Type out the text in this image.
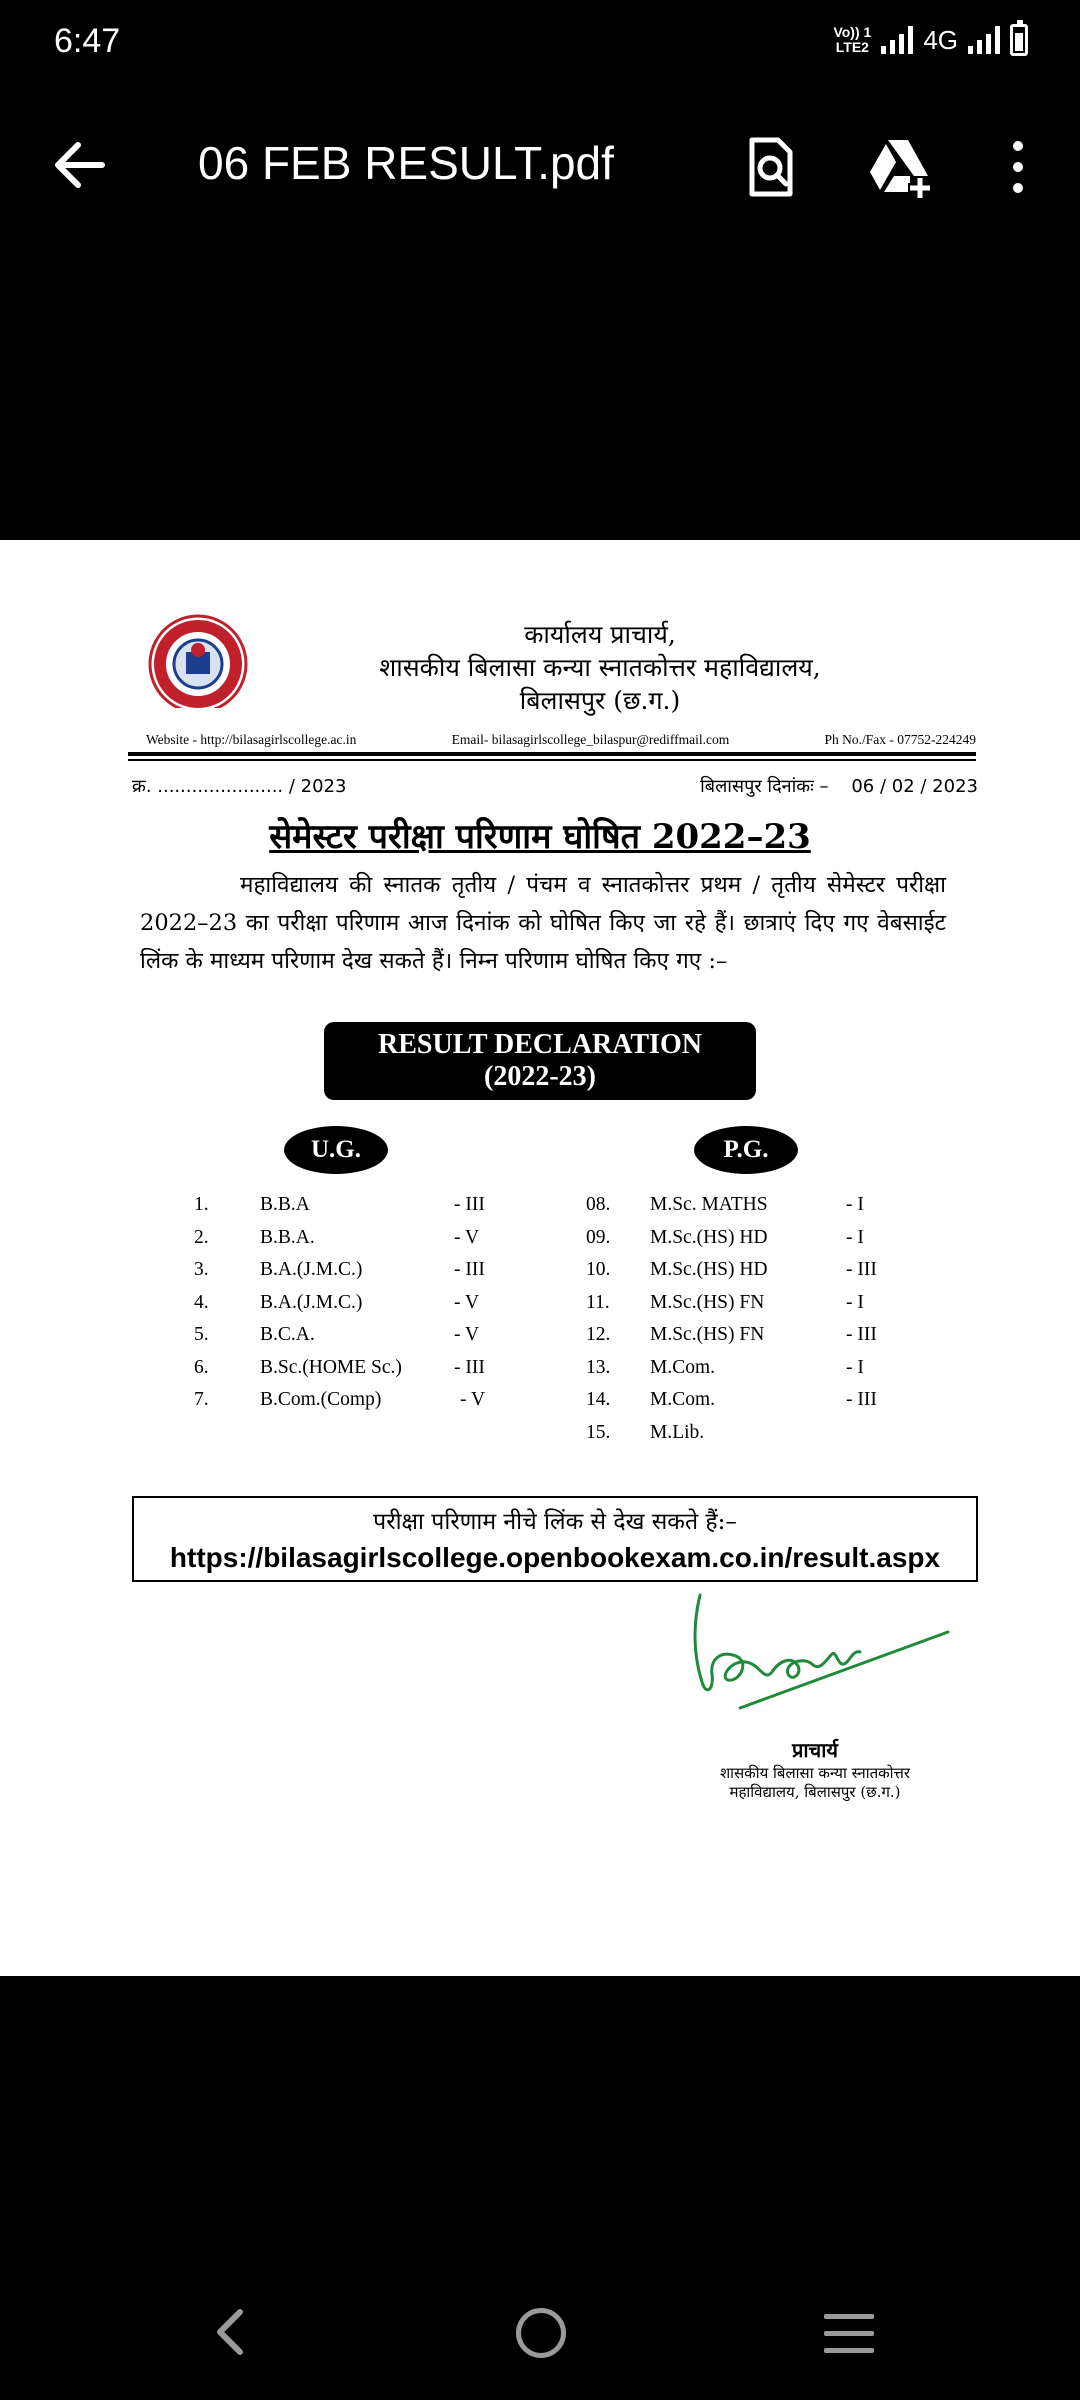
6:47	Vo)) 1
LTE2 4G
06 FEB RESULT.pdf
कार्यालय प्राचार्य,
शासकीय बिलासा कन्या स्नातकोत्तर महाविद्यालय,
बिलासपुर (छ.ग.)
Website - http://bilasagirlscollege.ac.in	Email- bilasagirlscollege_bilaspur@rediffmail.com	Ph No./Fax - 07752-224249
क्र. ...................... / 2023	बिलासपुर दिनांकः – 06 / 02 / 2023
सेमेस्टर परीक्षा परिणाम घोषित 2022–23
महाविद्यालय की स्नातक तृतीय / पंचम व स्नातकोत्तर प्रथम / तृतीय सेमेस्टर परीक्षा 2022–23 का परीक्षा परिणाम आज दिनांक को घोषित किए जा रहे हैं। छात्राएं दिए गए वेबसाईट लिंक के माध्यम परिणाम देख सकते हैं। निम्न परिणाम घोषित किए गए :–
RESULT DECLARATION
(2022-23)
U.G.	P.G.
1.	B.B.A	- III
2.	B.B.A.	- V
3.	B.A.(J.M.C.)	- III
4.	B.A.(J.M.C.)	- V
5.	B.C.A.	- V
6.	B.Sc.(HOME Sc.)	- III
7.	B.Com.(Comp)	- V
08. M.Sc. MATHS	- I
09. M.Sc.(HS) HD	- I
10. M.Sc.(HS) HD	- III
11. M.Sc.(HS) FN	- I
12. M.Sc.(HS) FN	- III
13. M.Com.	- I
14. M.Com.	- III
15. M.Lib.
परीक्षा परिणाम नीचे लिंक से देख सकते हैं:–
https://bilasagirlscollege.openbookexam.co.in/result.aspx
प्राचार्य
शासकीय बिलासा कन्या स्नातकोत्तर
महाविद्यालय, बिलासपुर (छ.ग.)
